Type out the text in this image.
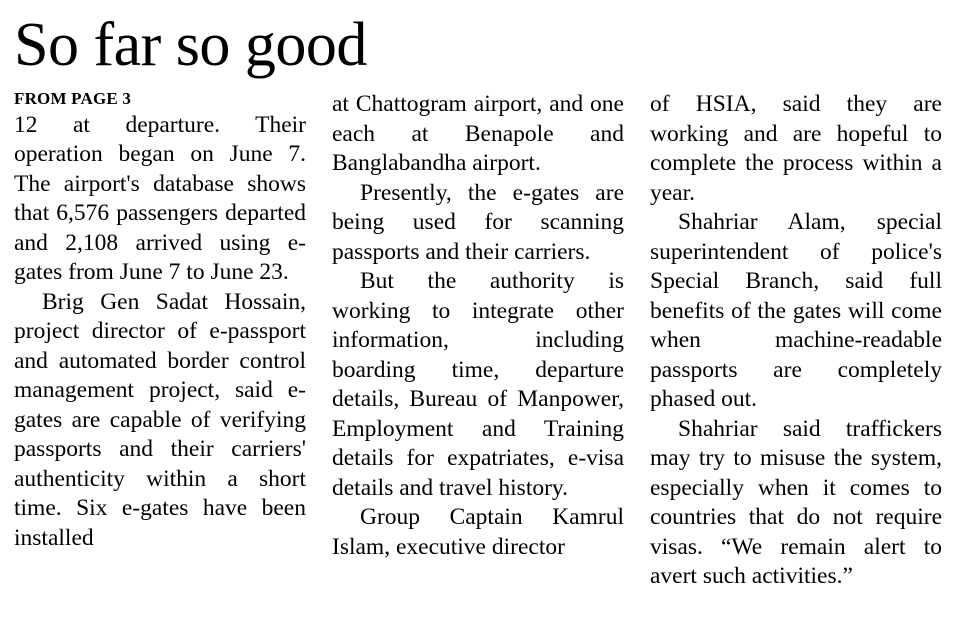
So far so good
FROM PAGE 3

12 at departure. Their operation began on June 7. The airport's database shows that 6,576 passengers departed and 2,108 arrived using e-gates from June 7 to June 23.

Brig Gen Sadat Hossain, project director of e-passport and automated border control management project, said e-gates are capable of verifying passports and their carriers' authenticity within a short time. Six e-gates have been installed

at Chattogram airport, and one each at Benapole and Banglabandha airport.

Presently, the e-gates are being used for scanning passports and their carriers.

But the authority is working to integrate other information, including boarding time, departure details, Bureau of Manpower, Employment and Training details for expatriates, e-visa details and travel history.

Group Captain Kamrul Islam, executive director

of HSIA, said they are working and are hopeful to complete the process within a year.

Shahriar Alam, special superintendent of police's Special Branch, said full benefits of the gates will come when machine-readable passports are completely phased out.

Shahriar said traffickers may try to misuse the system, especially when it comes to countries that do not require visas. “We remain alert to avert such activities.”
